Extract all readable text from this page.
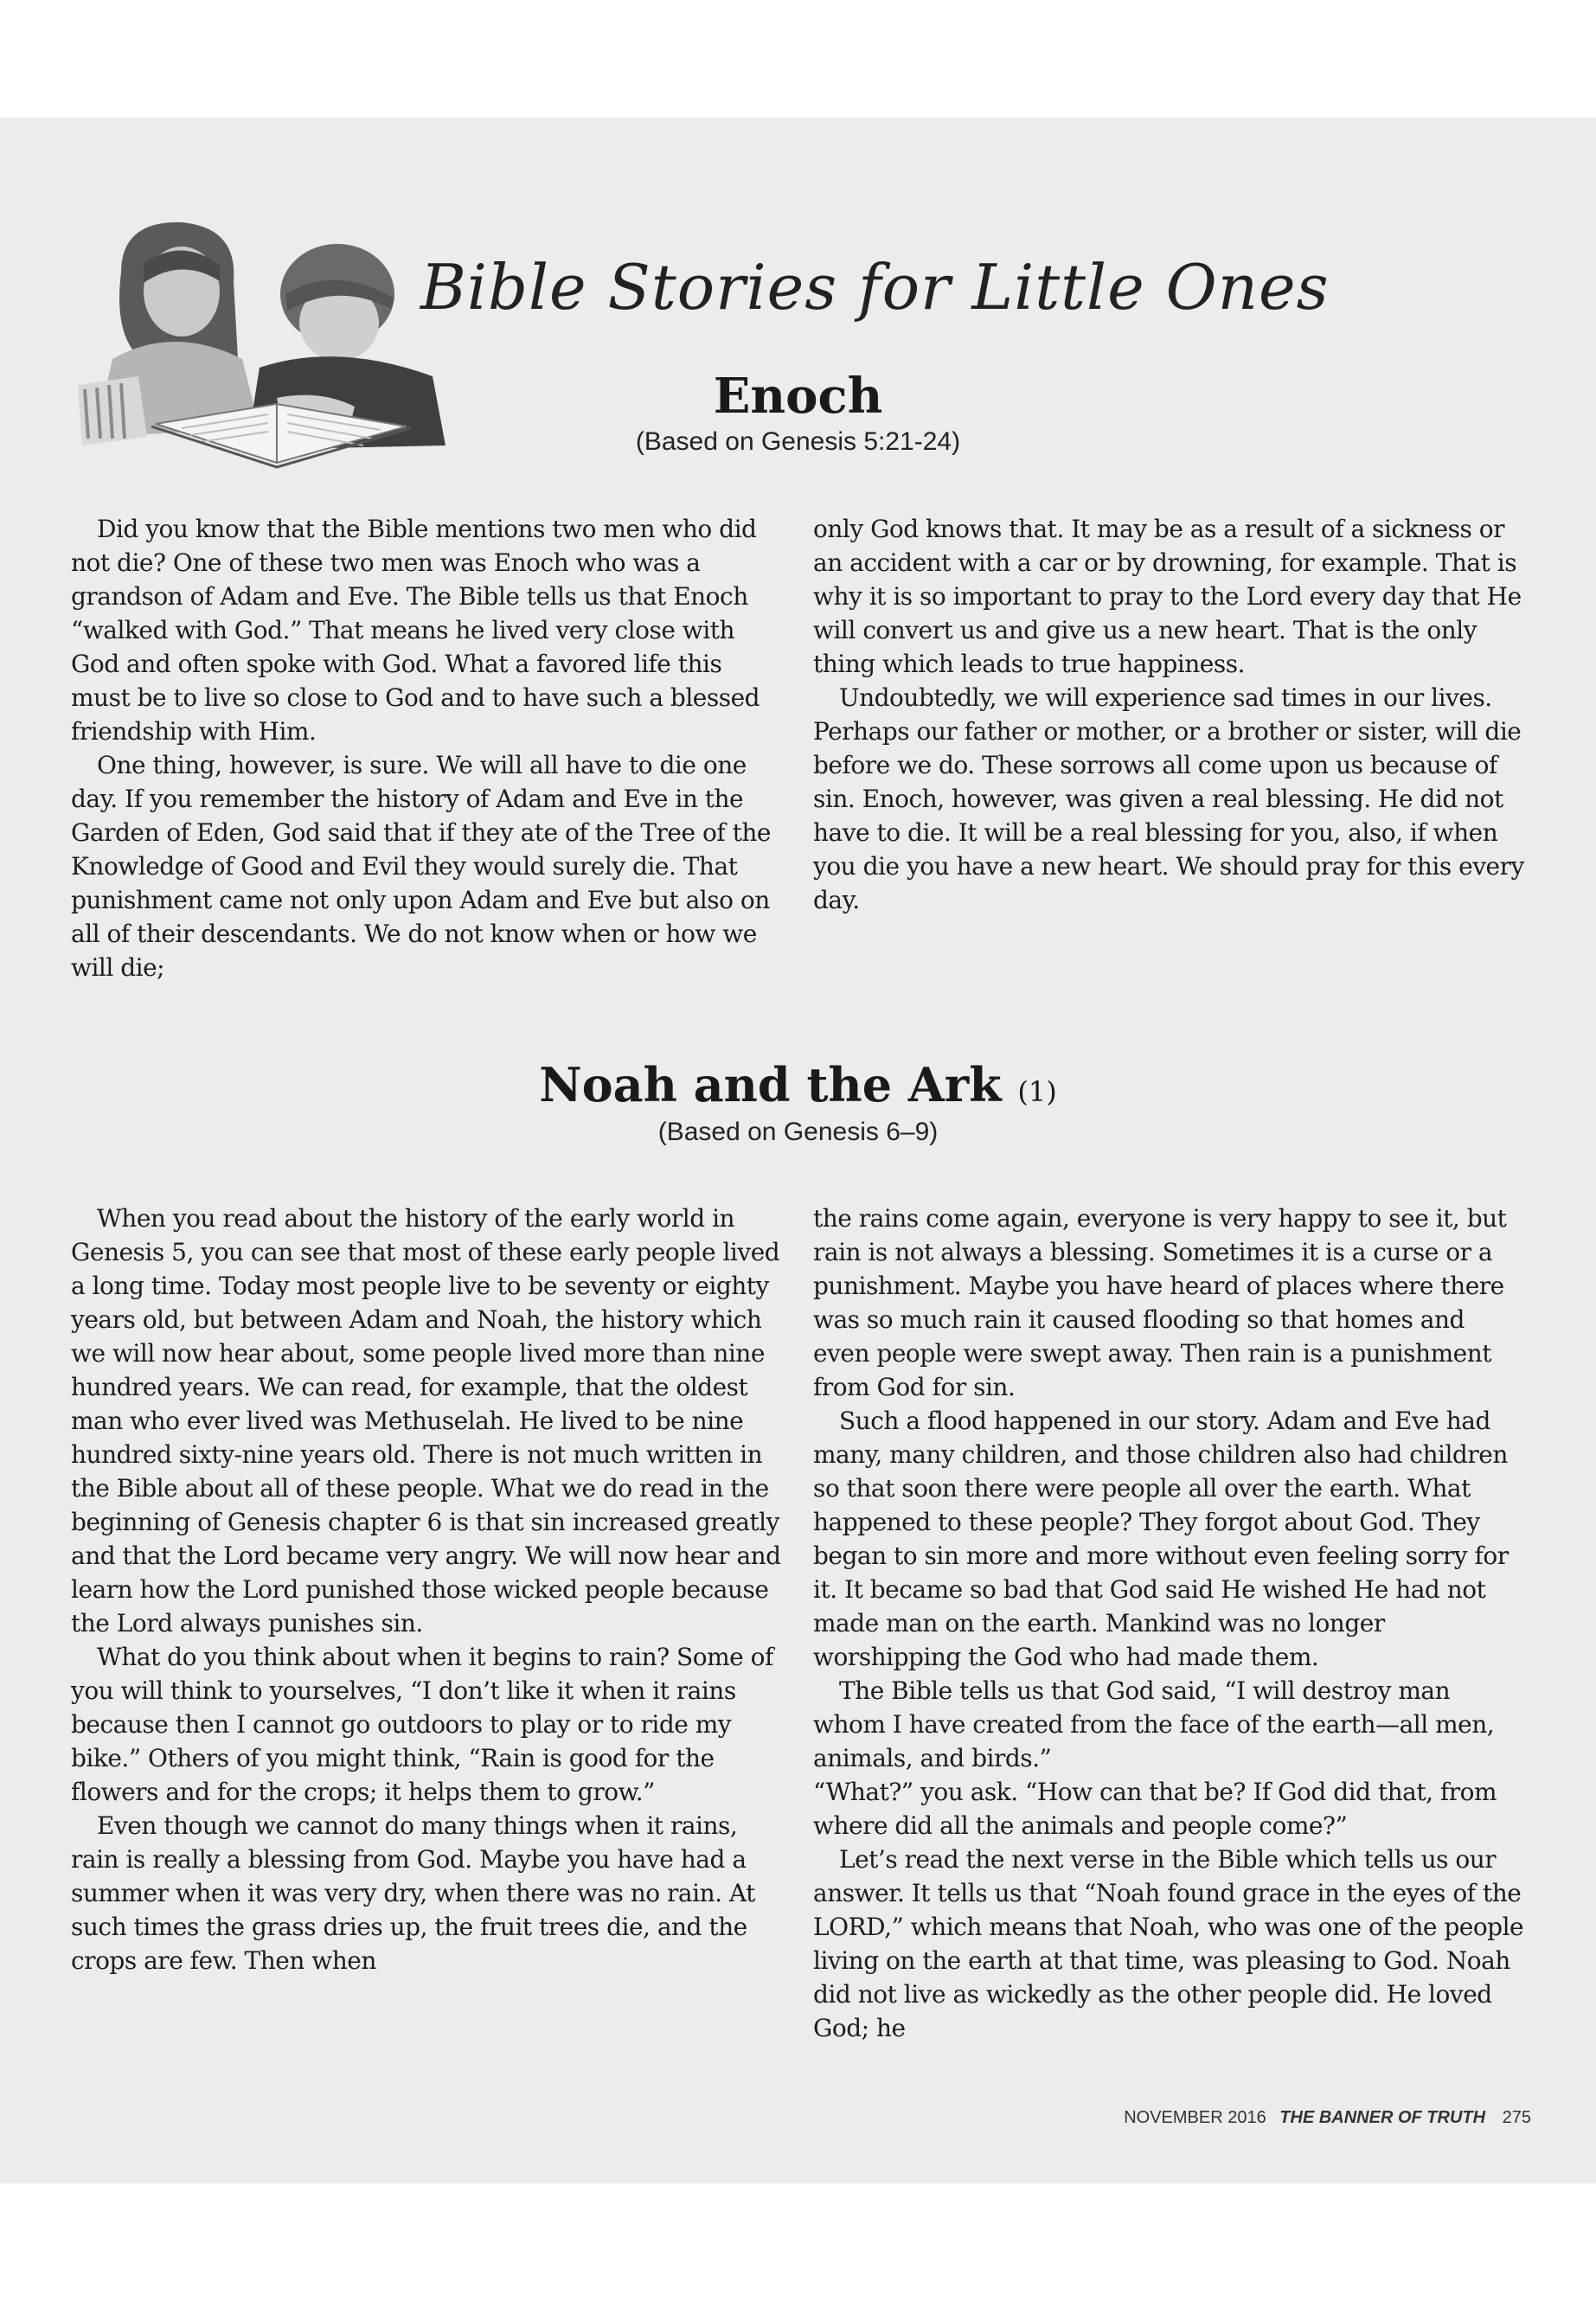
Bible Stories for Little Ones
Enoch
(Based on Genesis 5:21-24)

Did you know that the Bible mentions two men who did not die? One of these two men was Enoch who was a grandson of Adam and Eve. The Bible tells us that Enoch “walked with God.” That means he lived very close with God and often spoke with God. What a favored life this must be to live so close to God and to have such a blessed friendship with Him.

One thing, however, is sure. We will all have to die one day. If you remember the history of Adam and Eve in the Garden of Eden, God said that if they ate of the Tree of the Knowledge of Good and Evil they would surely die. That punishment came not only upon Adam and Eve but also on all of their descendants. We do not know when or how we will die;

only God knows that. It may be as a result of a sickness or an accident with a car or by drowning, for example. That is why it is so important to pray to the Lord every day that He will convert us and give us a new heart. That is the only thing which leads to true happiness.

Undoubtedly, we will experience sad times in our lives. Perhaps our father or mother, or a brother or sister, will die before we do. These sorrows all come upon us because of sin. Enoch, however, was given a real blessing. He did not have to die. It will be a real blessing for you, also, if when you die you have a new heart. We should pray for this every day.

Noah and the Ark (1)
(Based on Genesis 6–9)

When you read about the history of the early world in Genesis 5, you can see that most of these early people lived a long time. Today most people live to be seventy or eighty years old, but between Adam and Noah, the history which we will now hear about, some people lived more than nine hundred years. We can read, for example, that the oldest man who ever lived was Methuselah. He lived to be nine hundred sixty-nine years old. There is not much written in the Bible about all of these people. What we do read in the beginning of Genesis chapter 6 is that sin increased greatly and that the Lord became very angry. We will now hear and learn how the Lord punished those wicked people because the Lord always punishes sin.

What do you think about when it begins to rain? Some of you will think to yourselves, “I don’t like it when it rains because then I cannot go outdoors to play or to ride my bike.” Others of you might think, “Rain is good for the flowers and for the crops; it helps them to grow.”

Even though we cannot do many things when it rains, rain is really a blessing from God. Maybe you have had a summer when it was very dry, when there was no rain. At such times the grass dries up, the fruit trees die, and the crops are few. Then when

the rains come again, everyone is very happy to see it, but rain is not always a blessing. Sometimes it is a curse or a punishment. Maybe you have heard of places where there was so much rain it caused flooding so that homes and even people were swept away. Then rain is a punishment from God for sin.

Such a flood happened in our story. Adam and Eve had many, many children, and those children also had children so that soon there were people all over the earth. What happened to these people? They forgot about God. They began to sin more and more without even feeling sorry for it. It became so bad that God said He wished He had not made man on the earth. Mankind was no longer worshipping the God who had made them.

The Bible tells us that God said, “I will destroy man whom I have created from the face of the earth—all men, animals, and birds.”

“What?” you ask. “How can that be? If God did that, from where did all the animals and people come?”

Let’s read the next verse in the Bible which tells us our answer. It tells us that “Noah found grace in the eyes of the LORD,” which means that Noah, who was one of the people living on the earth at that time, was pleasing to God. Noah did not live as wickedly as the other people did. He loved God; he

NOVEMBER 2016 THE BANNER OF TRUTH 275
